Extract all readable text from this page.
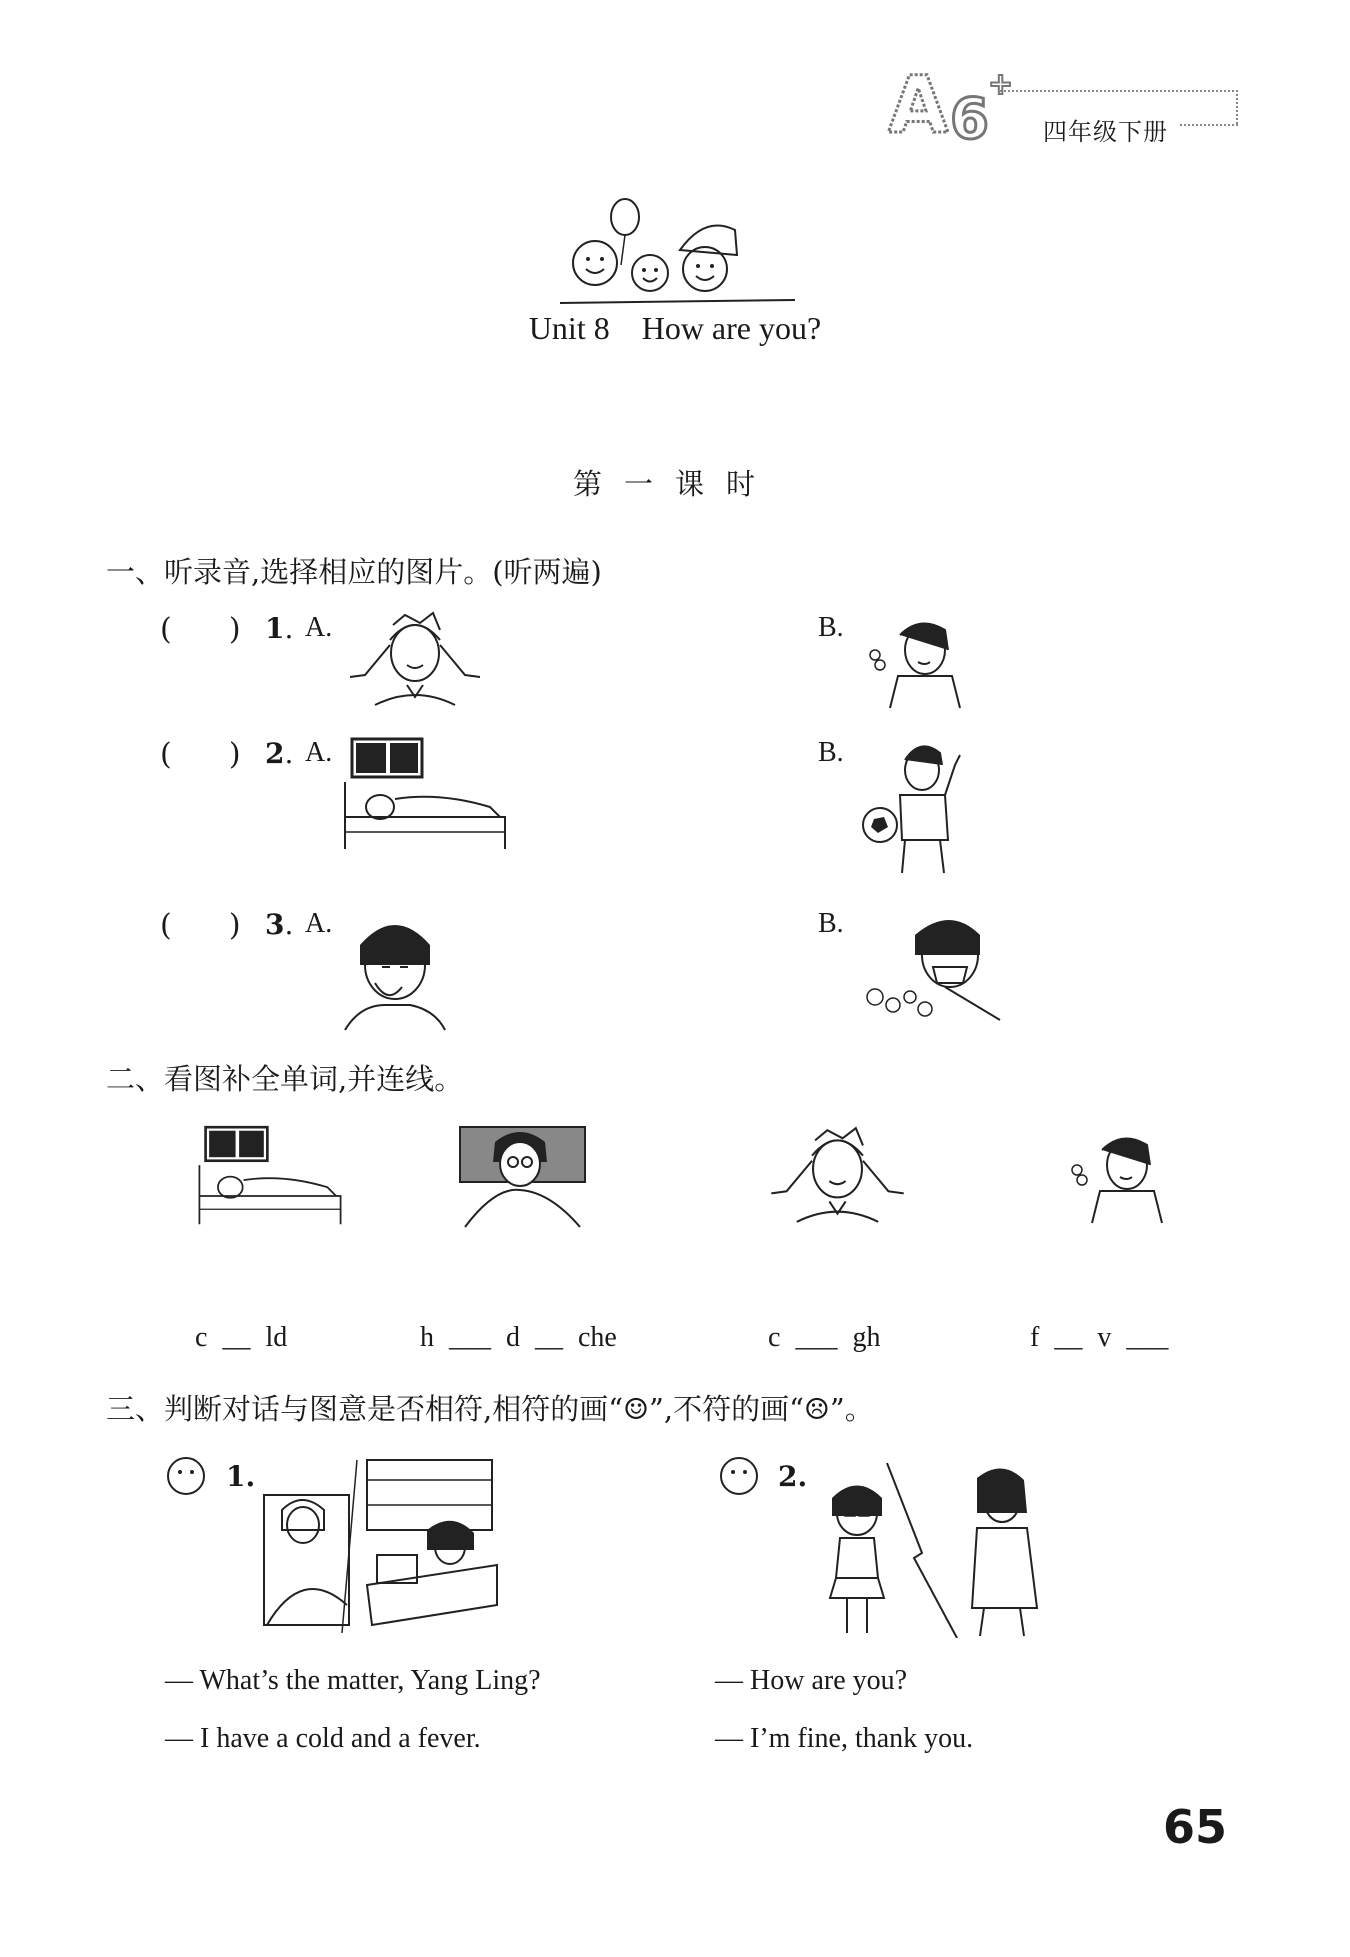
A 6
+
四年级下册
Unit 8    How are you?
第一课时
一、听录音,选择相应的图片。(听两遍)
(      ) 1. A.	B.
(      ) 2. A.	B.
(      ) 3. A.	B.
二、看图补全单词,并连线。
c __ ld	h ___ d __ che	c ___ gh	f __ v ___
三、判断对话与图意是否相符,相符的画“☺”,不符的画“☹”。
1.
— What’s the matter, Yang Ling?
— I have a cold and a fever.
2.
— How are you?
— I’m fine, thank you.
65
